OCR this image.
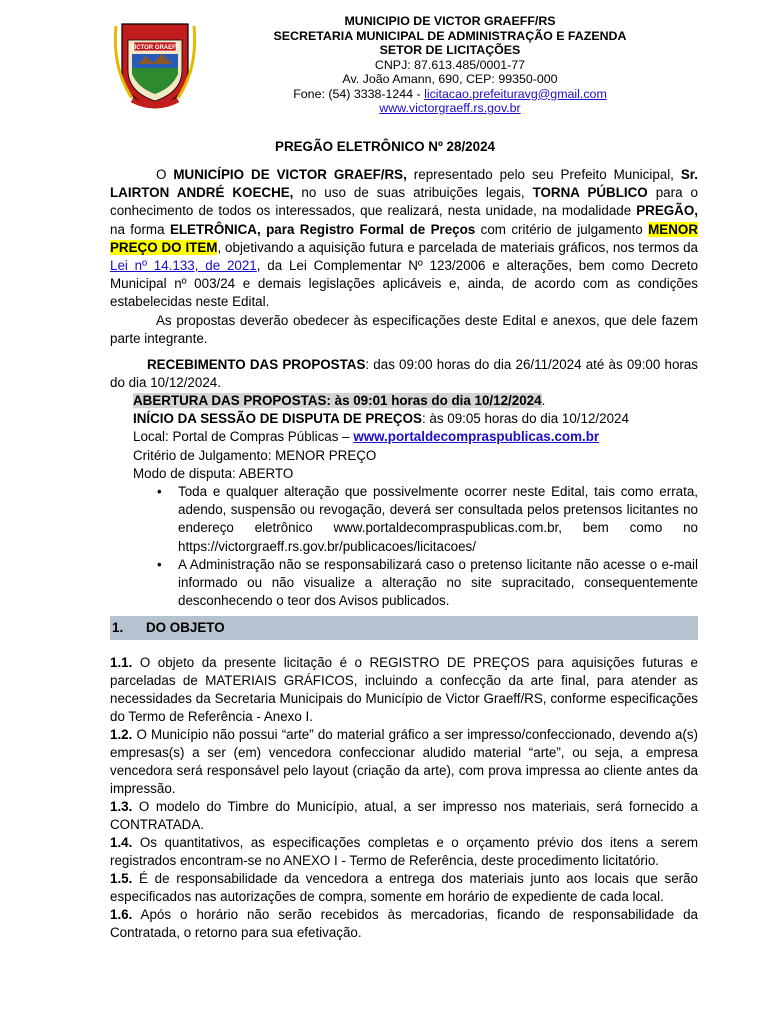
VICTOR GRAEFF
MUNICIPIO DE VICTOR GRAEFF/RS
SECRETARIA MUNICIPAL DE ADMINISTRAÇÃO E FAZENDA
SETOR DE LICITAÇÕES
CNPJ: 87.613.485/0001-77
Av. João Amann, 690, CEP: 99350-000
Fone: (54) 3338-1244 - licitacao.prefeituravg@gmail.com
www.victorgraeff.rs.gov.br
PREGÃO ELETRÔNICO Nº 28/2024

O MUNICÍPIO DE VICTOR GRAEF/RS, representado pelo seu Prefeito Municipal, Sr. LAIRTON ANDRÉ KOECHE, no uso de suas atribuições legais, TORNA PÚBLICO para o conhecimento de todos os interessados, que realizará, nesta unidade, na modalidade PREGÃO, na forma ELETRÔNICA, para Registro Formal de Preços com critério de julgamento MENOR PREÇO DO ITEM, objetivando a aquisição futura e parcelada de materiais gráficos, nos termos da Lei nº 14.133, de 2021, da Lei Complementar Nº 123/2006 e alterações, bem como Decreto Municipal nº 003/24 e demais legislações aplicáveis e, ainda, de acordo com as condições estabelecidas neste Edital.

As propostas deverão obedecer às especificações deste Edital e anexos, que dele fazem parte integrante.

RECEBIMENTO DAS PROPOSTAS: das 09:00 horas do dia 26/11/2024 até às 09:00 horas do dia 10/12/2024.

ABERTURA DAS PROPOSTAS: às 09:01 horas do dia 10/12/2024.

INÍCIO DA SESSÃO DE DISPUTA DE PREÇOS: às 09:05 horas do dia 10/12/2024

Local: Portal de Compras Públicas – www.portaldecompraspublicas.com.br

Critério de Julgamento: MENOR PREÇO

Modo de disputa: ABERTO

• Toda e qualquer alteração que possivelmente ocorrer neste Edital, tais como errata, adendo, suspensão ou revogação, deverá ser consultada pelos pretensos licitantes no endereço eletrônico www.portaldecompraspublicas.com.br, bem como no https://victorgraeff.rs.gov.br/publicacoes/licitacoes/
• A Administração não se responsabilizará caso o pretenso licitante não acesse o e-mail informado ou não visualize a alteração no site supracitado, consequentemente desconhecendo o teor dos Avisos publicados.
1. DO OBJETO

1.1. O objeto da presente licitação é o REGISTRO DE PREÇOS para aquisições futuras e parceladas de MATERIAIS GRÁFICOS, incluindo a confecção da arte final, para atender as necessidades da Secretaria Municipais do Município de Victor Graeff/RS, conforme especificações do Termo de Referência - Anexo I.

1.2. O Município não possui “arte” do material gráfico a ser impresso/confeccionado, devendo a(s) empresas(s) a ser (em) vencedora confeccionar aludido material “arte”, ou seja, a empresa vencedora será responsável pelo layout (criação da arte), com prova impressa ao cliente antes da impressão.

1.3. O modelo do Timbre do Município, atual, a ser impresso nos materiais, será fornecido a CONTRATADA.

1.4. Os quantitativos, as especificações completas e o orçamento prévio dos itens a serem registrados encontram-se no ANEXO I - Termo de Referência, deste procedimento licitatório.

1.5. É de responsabilidade da vencedora a entrega dos materiais junto aos locais que serão especificados nas autorizações de compra, somente em horário de expediente de cada local.

1.6. Após o horário não serão recebidos às mercadorias, ficando de responsabilidade da Contratada, o retorno para sua efetivação.
